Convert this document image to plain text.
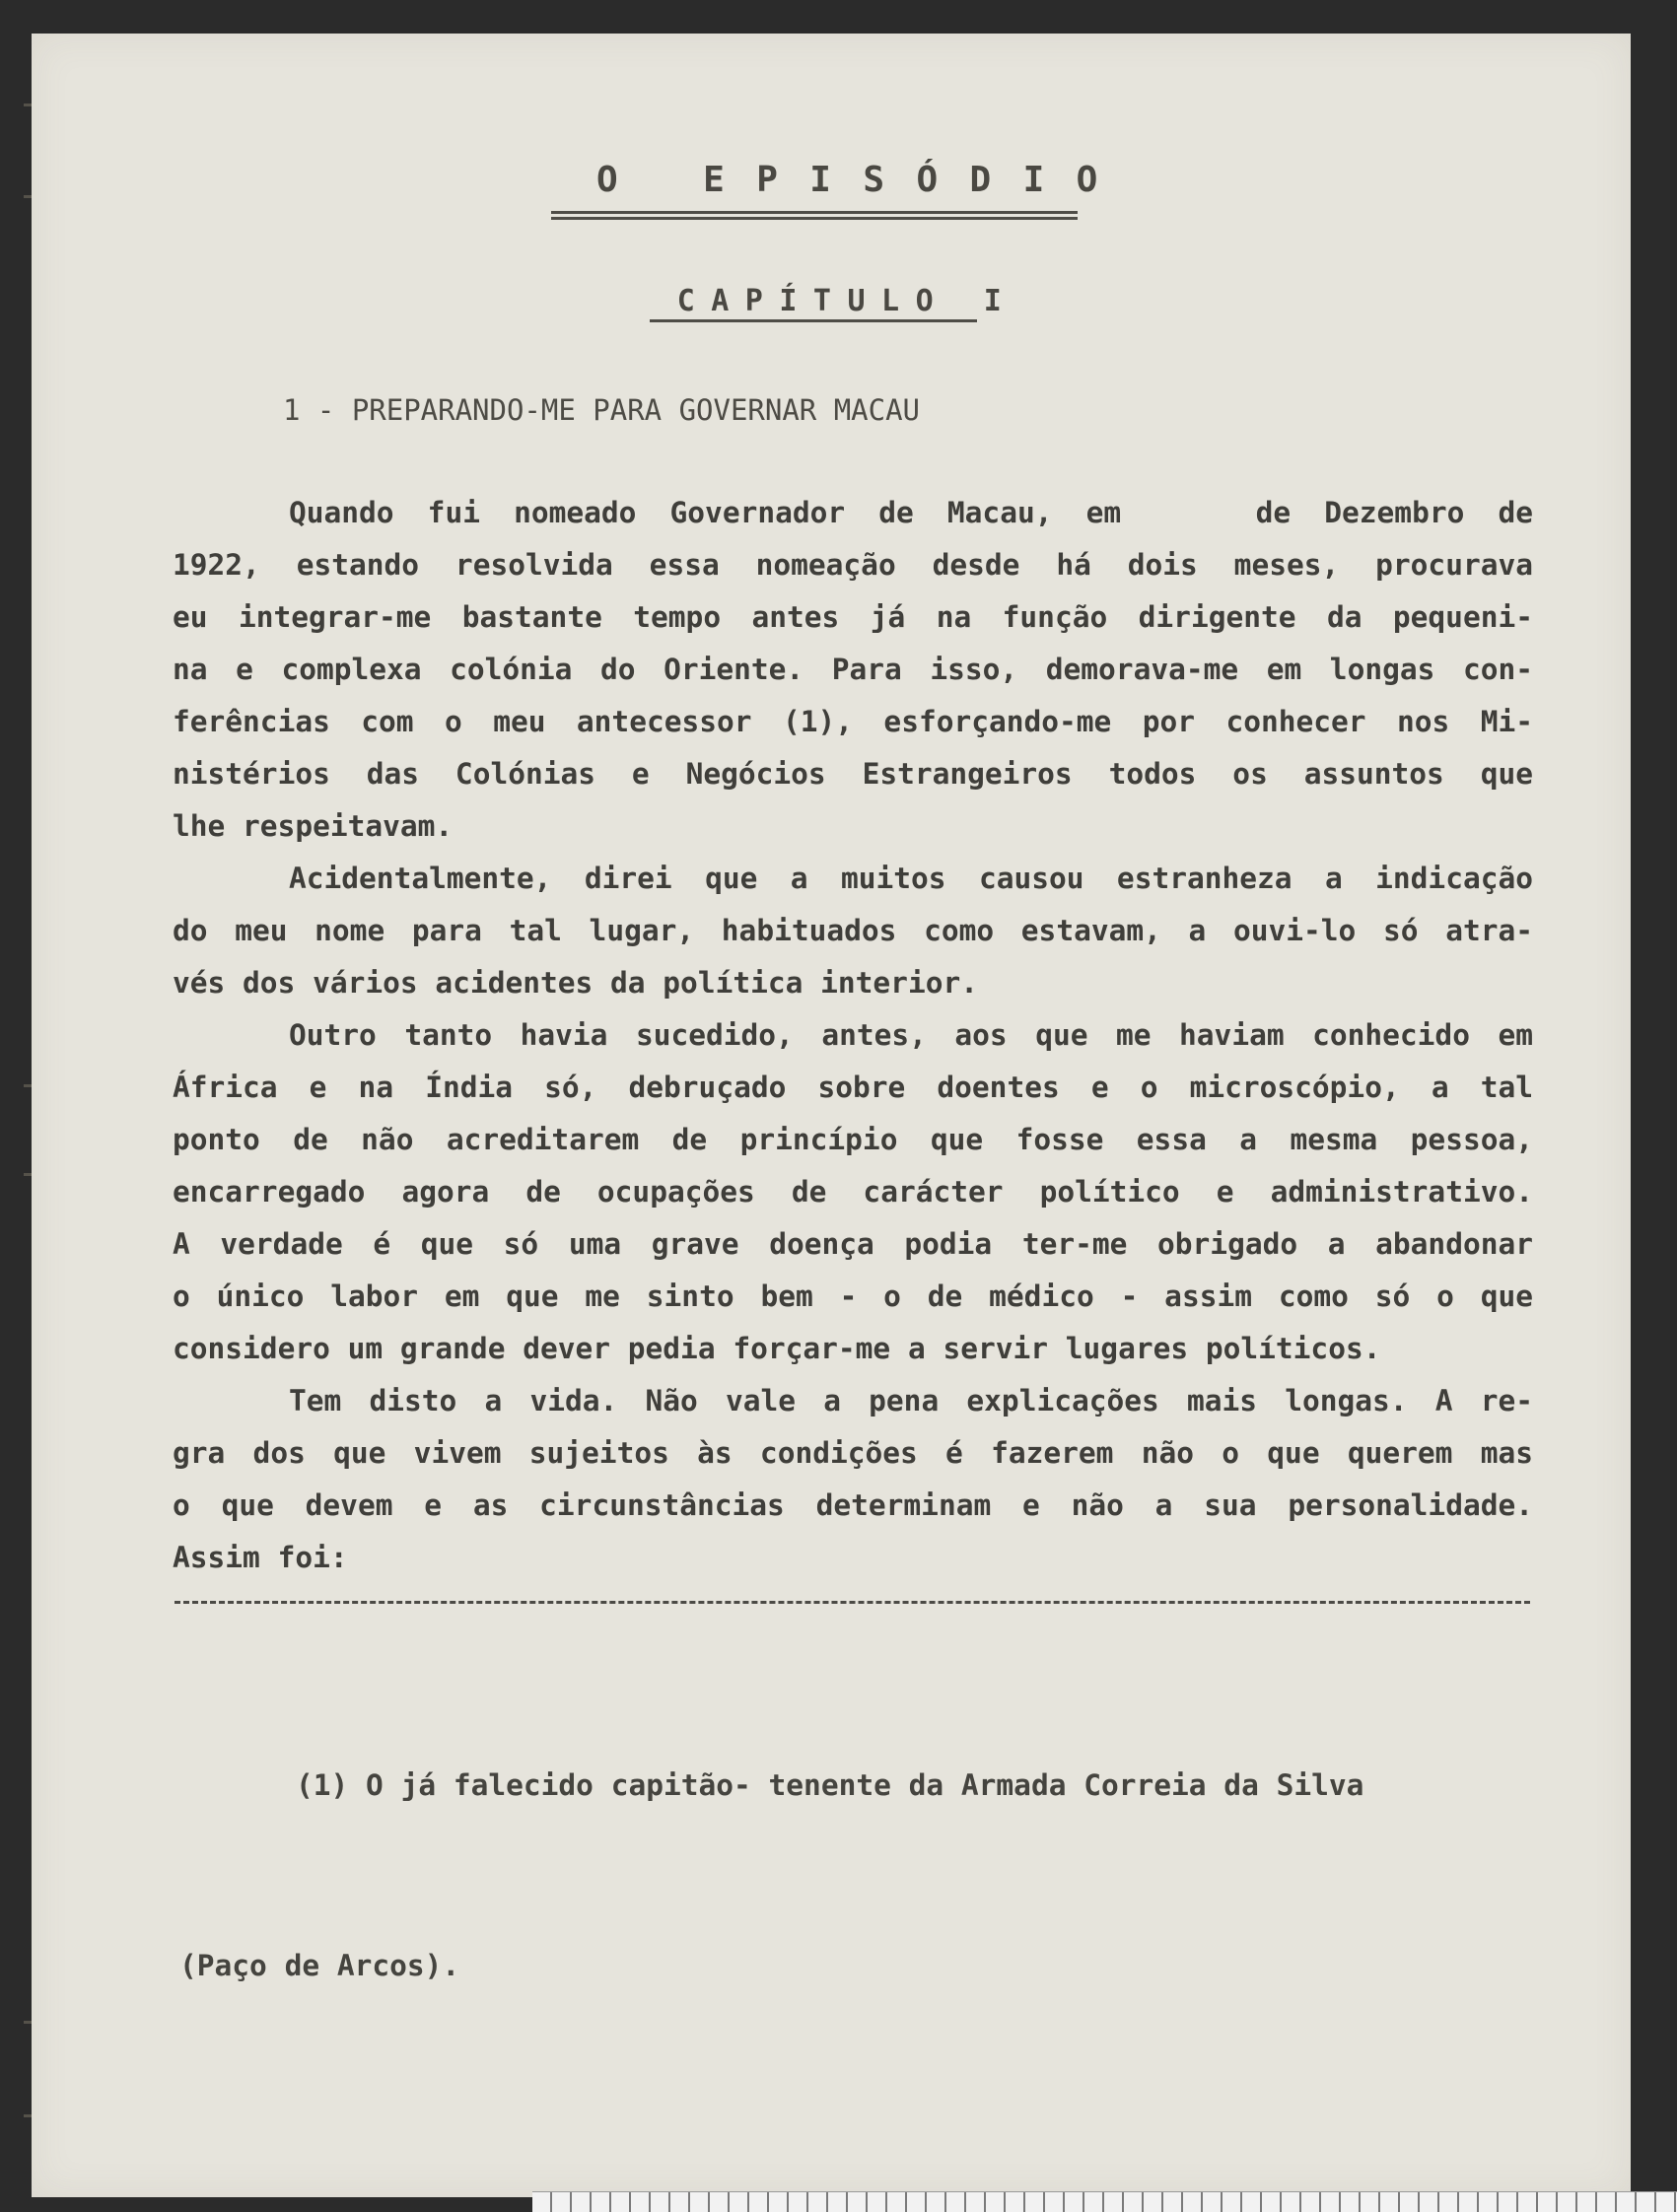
O EPISÓDIO
CAPÍTULO I
1 - PREPARANDO-ME PARA GOVERNAR MACAU
Quando fui nomeado Governador de Macau, em    de Dezembro de
1922, estando resolvida essa nomeação desde há dois meses, procurava
eu integrar-me bastante tempo antes já na função dirigente da pequeni-
na e complexa colónia do Oriente. Para isso, demorava-me em longas con-
ferências com o meu antecessor (1), esforçando-me por conhecer nos Mi-
nistérios das Colónias e Negócios Estrangeiros todos os assuntos que
lhe respeitavam.
Acidentalmente, direi que a muitos causou estranheza a indicação
do meu nome para tal lugar, habituados como estavam, a ouvi-lo só atra-
vés dos vários acidentes da política interior.
Outro tanto havia sucedido, antes, aos que me haviam conhecido em
África e na Índia só, debruçado sobre doentes e o microscópio, a tal
ponto de não acreditarem de princípio que fosse essa a mesma pessoa,
encarregado agora de ocupações de carácter político e administrativo.
A verdade é que só uma grave doença podia ter-me obrigado a abandonar
o único labor em que me sinto bem - o de médico - assim como só o que
considero um grande dever pedia forçar-me a servir lugares políticos.
Tem disto a vida. Não vale a pena explicações mais longas. A re-
gra dos que vivem sujeitos às condições é fazerem não o que querem mas
o que devem e as circunstâncias determinam e não a sua personalidade.
Assim foi:

(1) O já falecido capitão- tenente da Armada Correia da Silva

(Paço de Arcos).
